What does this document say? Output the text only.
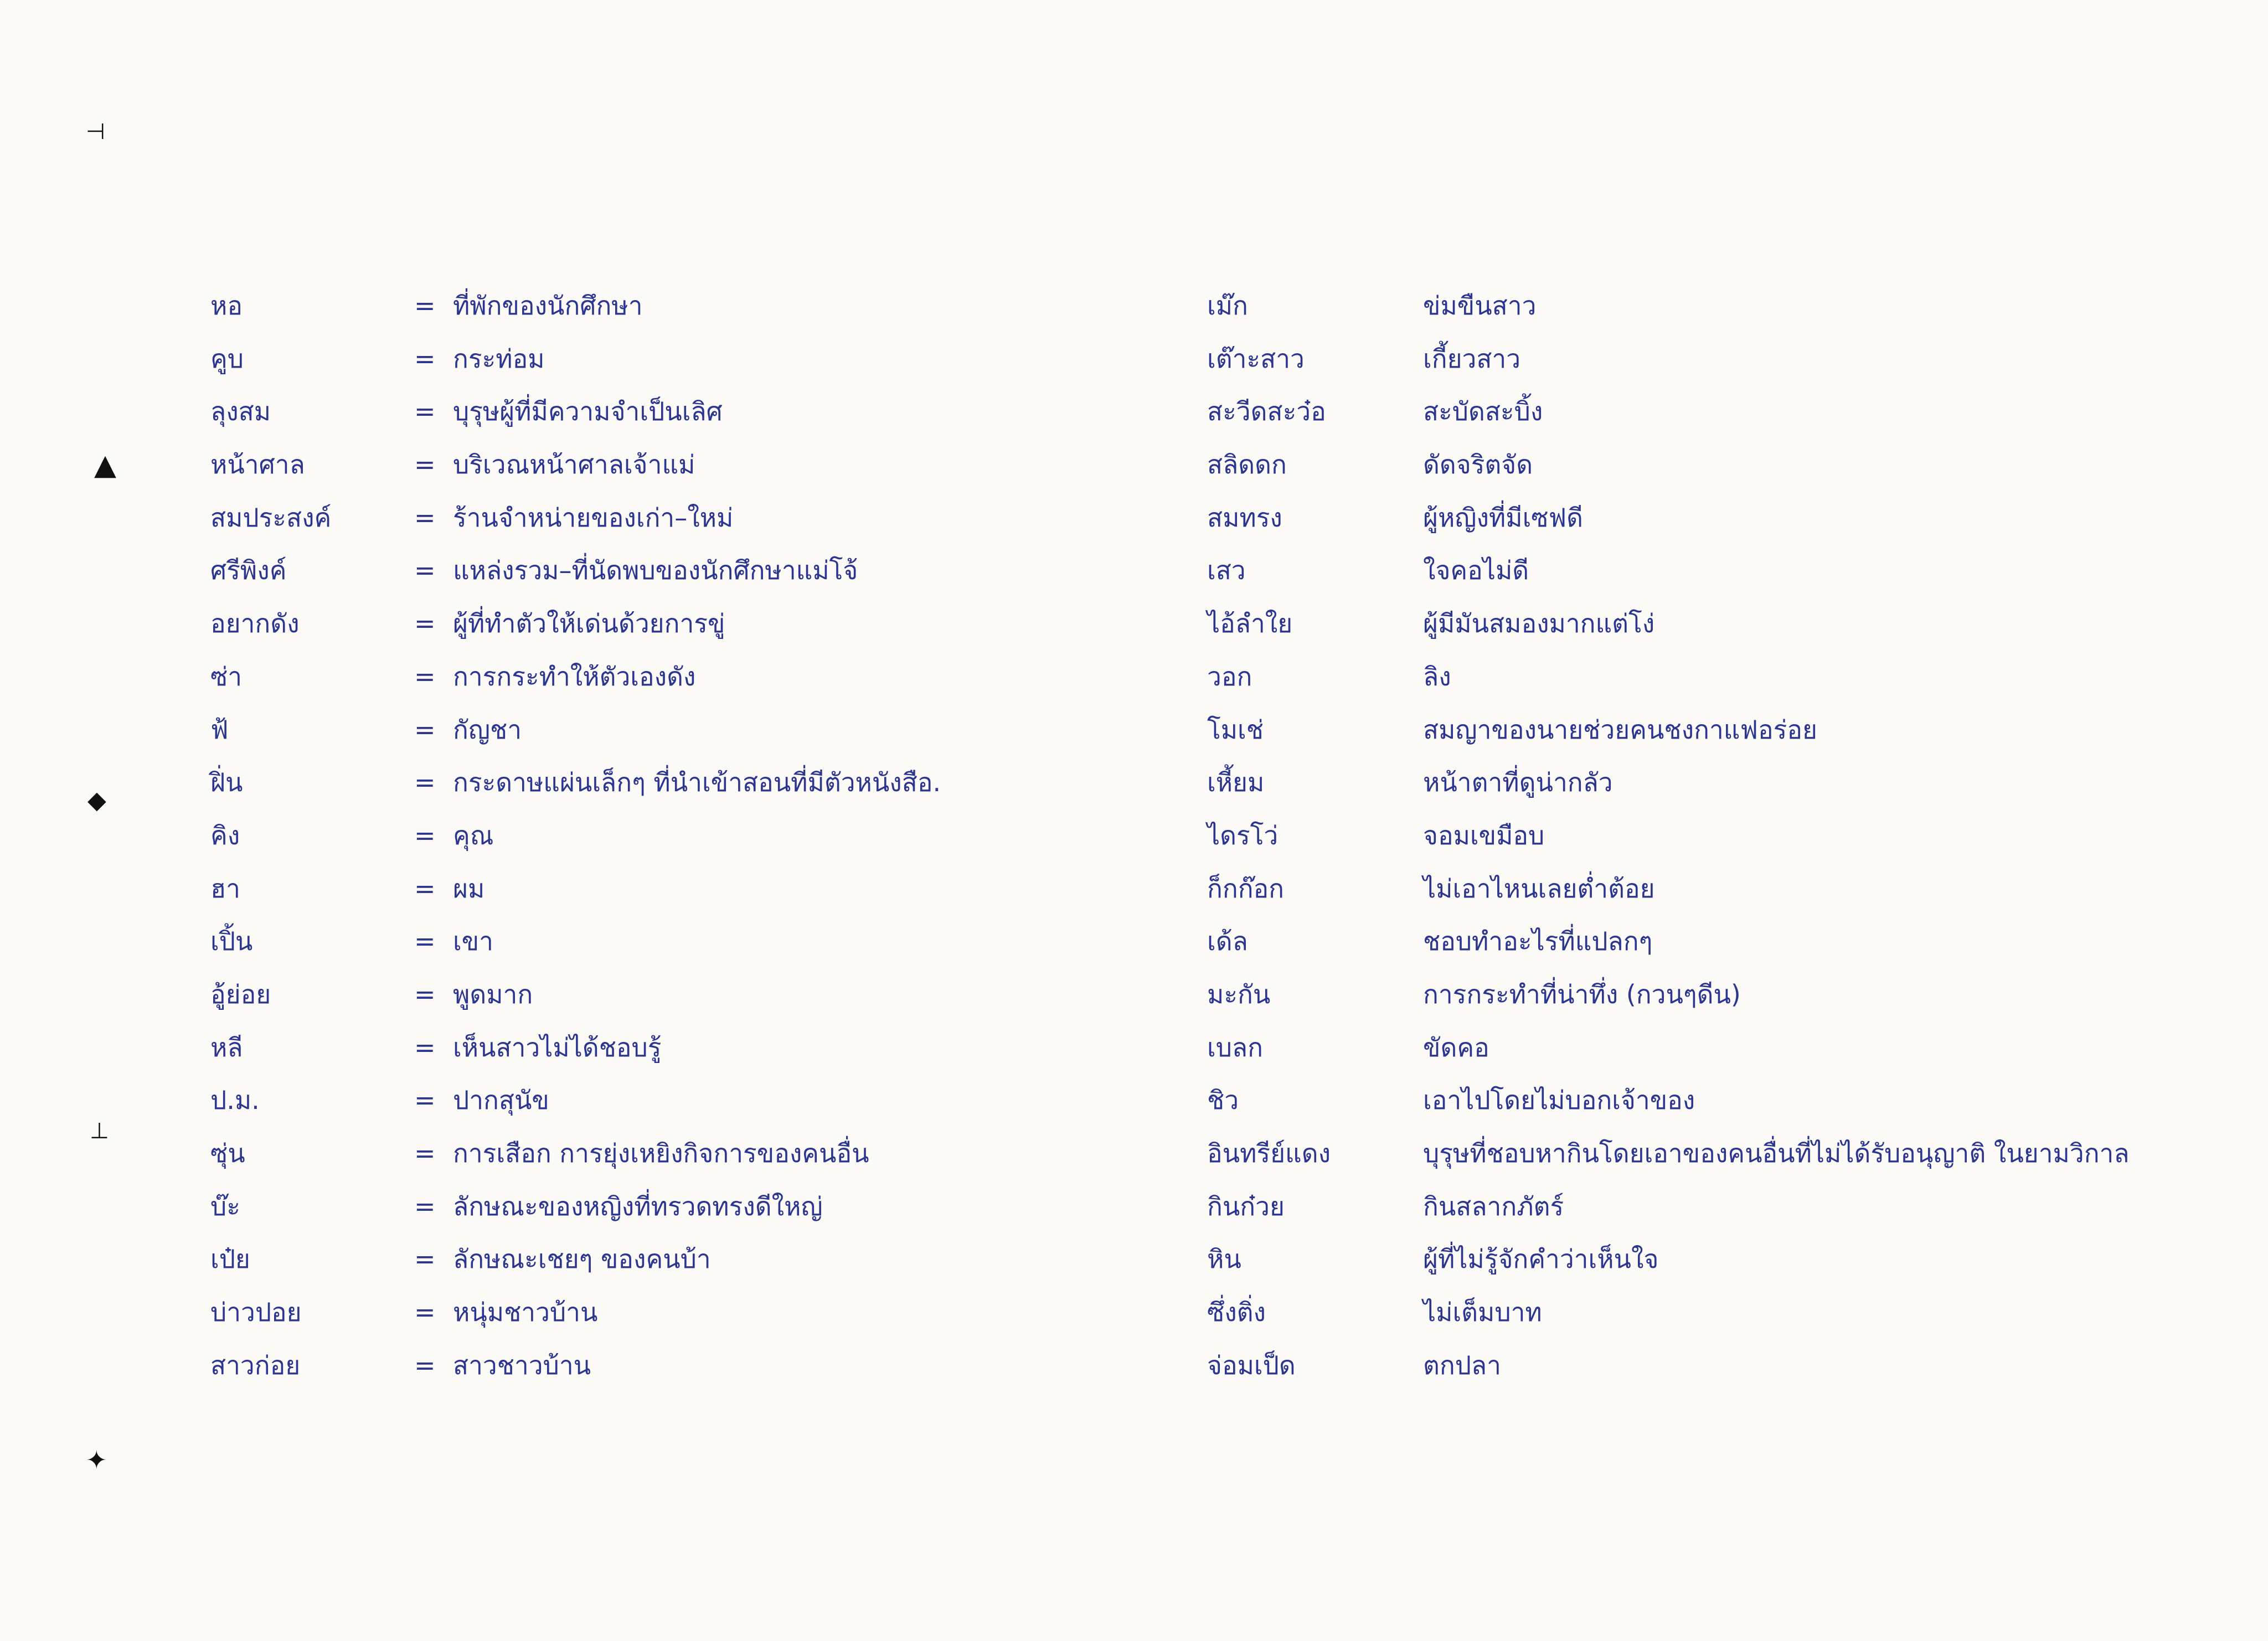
⊣
▲
◆
⊥
✦
หอ	= ที่พักของนักศึกษา
คูบ	= กระท่อม
ลุงสม	= บุรุษผู้ที่มีความจำเป็นเลิศ
หน้าศาล	= บริเวณหน้าศาลเจ้าแม่
สมประสงค์	= ร้านจำหน่ายของเก่า–ใหม่
ศรีพิงค์	= แหล่งรวม–ที่นัดพบของนักศึกษาแม่โจ้
อยากดัง	= ผู้ที่ทำตัวให้เด่นด้วยการขู่
ซ่า	= การกระทำให้ตัวเองดัง
ฟ้	= กัญชา
ฝิ่น	= กระดาษแผ่นเล็กๆ ที่นำเข้าสอนที่มีตัวหนังสือ.
คิง	= คุณ
ฮา	= ผม
เปิ้น	= เขา
อู้ย่อย	= พูดมาก
หลี	= เห็นสาวไม่ได้ชอบรู้
ป.ม.	= ปากสุนัข
ซุ่น	= การเสือก การยุ่งเหยิงกิจการของคนอื่น
บ๊ะ	= ลักษณะของหญิงที่ทรวดทรงดีใหญ่
เป๋ย	= ลักษณะเชยๆ ของคนบ้า
บ่าวปอย	= หนุ่มชาวบ้าน
สาวก่อย	= สาวชาวบ้าน
เม๊ก	ข่มขืนสาว
เต๊าะสาว	เกี้ยวสาว
สะวีดสะว๋อ	สะบัดสะบิ้ง
สลิดดก	ดัดจริตจัด
สมทรง	ผู้หญิงที่มีเซฟดี
เสว	ใจคอไม่ดี
ไอ้ลำใย	ผู้มีมันสมองมากแต่โง่
วอก	ลิง
โมเช่	สมญาของนายช่วยคนชงกาแฟอร่อย
เหี้ยม	หน้าตาที่ดูน่ากลัว
ไดรโว่	จอมเขมือบ
ก็กก๊อก	ไม่เอาไหนเลยต่ำต้อย
เด้ล	ชอบทำอะไรที่แปลกๆ
มะกัน	การกระทำที่น่าทึ่ง (กวนๆดีน)
เบลก	ขัดคอ
ชิว	เอาไปโดยไม่บอกเจ้าของ
อินทรีย์แดง	บุรุษที่ชอบหากินโดยเอาของคนอื่นที่ไม่ได้รับอนุญาติ ในยามวิกาล
กินก๋วย	กินสลากภัตร์
หิน	ผู้ที่ไม่รู้จักคำว่าเห็นใจ
ซึ่งติ่ง	ไม่เต็มบาท
จ่อมเป็ด	ตกปลา
